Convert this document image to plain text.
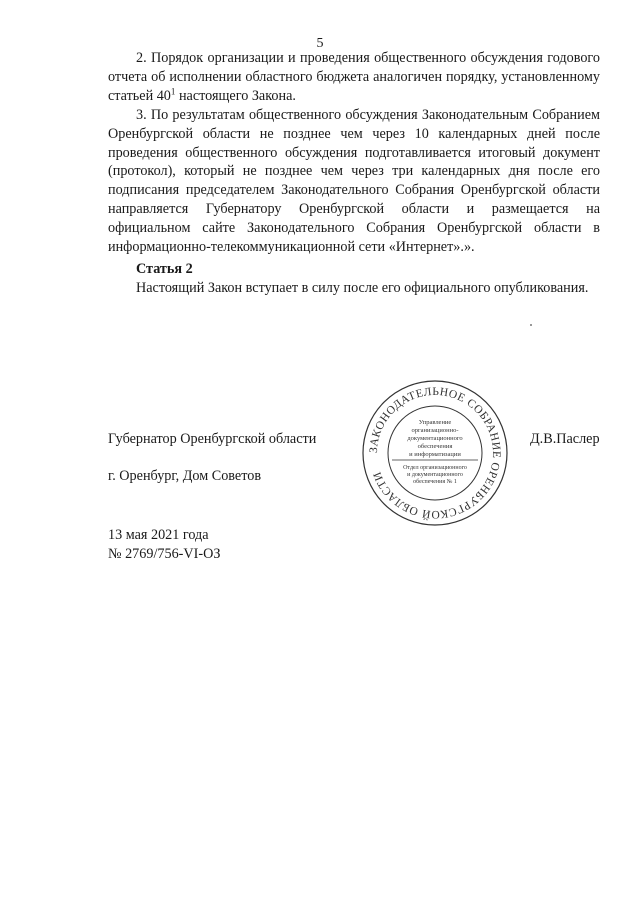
5

2. Порядок организации и проведения общественного обсуждения годового отчета об исполнении областного бюджета аналогичен порядку, установленному статьей $40^1$ настоящего Закона.

3. По результатам общественного обсуждения Законодательным Собранием Оренбургской области не позднее чем через 10 календарных дней после проведения общественного обсуждения подготавливается итоговый документ (протокол), который не позднее чем через три календарных дня после его подписания председателем Законодательного Собрания Оренбургской области направляется Губернатору Оренбургской области и размещается на официальном сайте Законодательного Собрания Оренбургской области в информационно-телекоммуникационной сети «Интернет».».

Статья 2

Настоящий Закон вступает в силу после его официального опубликования.

Губернатор Оренбургской области
г. Оренбург, Дом Советов
Д.В.Паслер
13 мая 2021 года
№ 2769/756-VI-ОЗ
ЗАКОНОДАТЕЛЬНОЕ СОБРАНИЕ ОРЕНБУРГСКОЙ ОБЛАСТИ
Управление
организационно-
документационного
обеспечения
и информатизации
Отдел организационного
и документационного
обеспечения № 1
